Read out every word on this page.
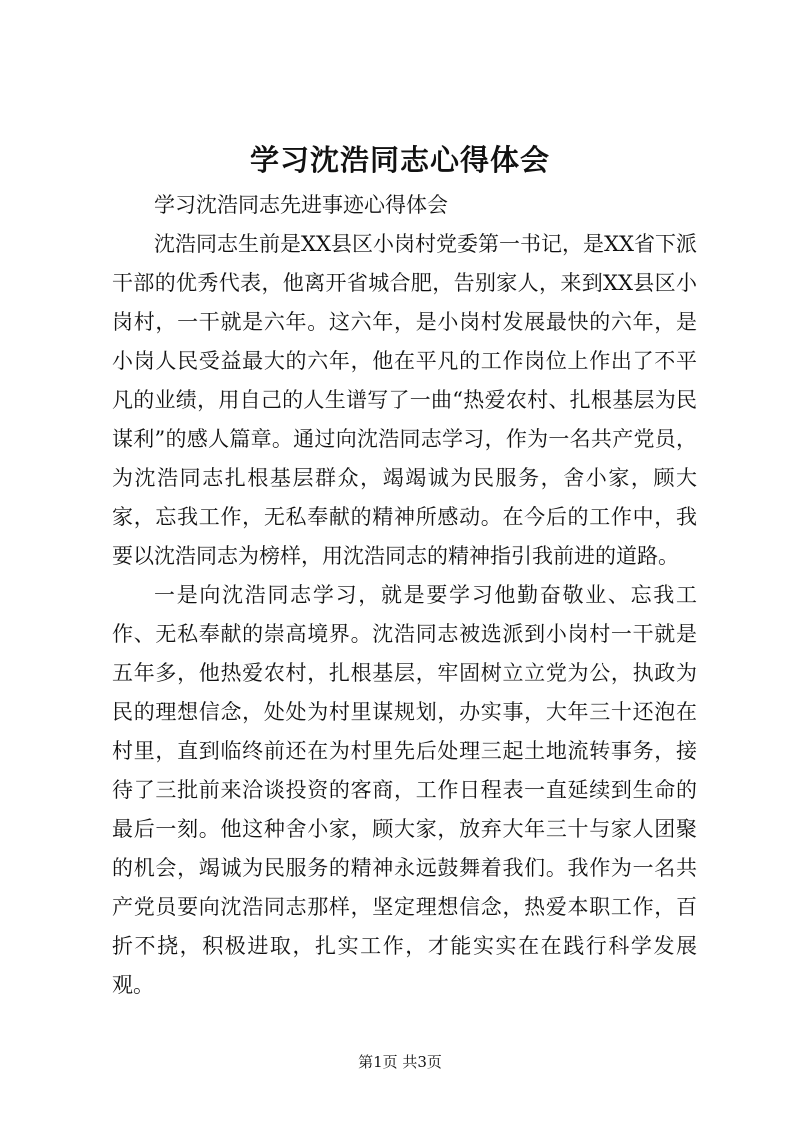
学习沈浩同志心得体会

学习沈浩同志先进事迹心得体会

沈浩同志生前是XX县区小岗村党委第一书记，是XX省下派干部的优秀代表，他离开省城合肥，告别家人，来到XX县区小岗村，一干就是六年。这六年，是小岗村发展最快的六年，是小岗人民受益最大的六年，他在平凡的工作岗位上作出了不平凡的业绩，用自己的人生谱写了一曲“热爱农村、扎根基层为民谋利”的感人篇章。通过向沈浩同志学习，作为一名共产党员，为沈浩同志扎根基层群众，竭竭诚为民服务，舍小家，顾大家，忘我工作，无私奉献的精神所感动。在今后的工作中，我要以沈浩同志为榜样，用沈浩同志的精神指引我前进的道路。

一是向沈浩同志学习，就是要学习他勤奋敬业、忘我工作、无私奉献的崇高境界。沈浩同志被选派到小岗村一干就是五年多，他热爱农村，扎根基层，牢固树立立党为公，执政为民的理想信念，处处为村里谋规划，办实事，大年三十还泡在村里，直到临终前还在为村里先后处理三起土地流转事务，接待了三批前来洽谈投资的客商，工作日程表一直延续到生命的最后一刻。他这种舍小家，顾大家，放弃大年三十与家人团聚的机会，竭诚为民服务的精神永远鼓舞着我们。我作为一名共产党员要向沈浩同志那样，坚定理想信念，热爱本职工作，百折不挠，积极进取，扎实工作，才能实实在在践行科学发展观。

第1页 共3页
